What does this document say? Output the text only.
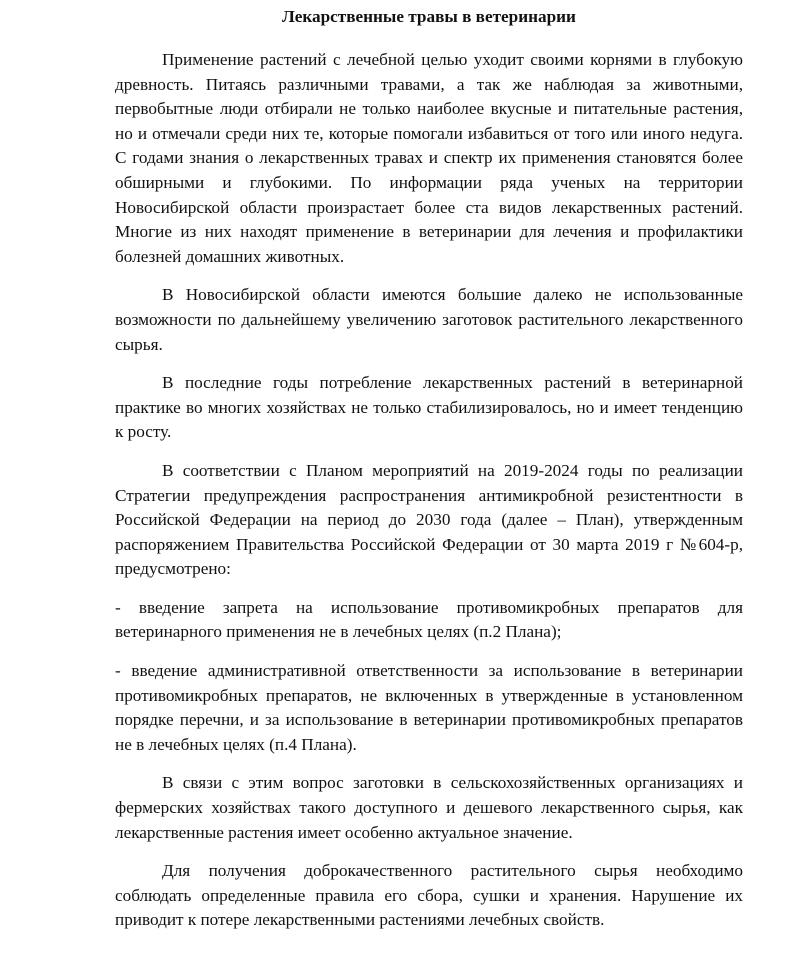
Лекарственные травы в ветеринарии

Применение растений с лечебной целью уходит своими корнями в глубокую древность. Питаясь различными травами, а так же наблюдая за животными, первобытные люди отбирали не только наиболее вкусные и питательные растения, но и отмечали среди них те, которые помогали избавиться от того или иного недуга. С годами знания о лекарственных травах и спектр их применения становятся более обширными и глубокими. По информации ряда ученых на территории Новосибирской области произрастает более ста видов лекарственных растений. Многие из них находят применение в ветеринарии для лечения и профилактики болезней домашних животных.

В Новосибирской области имеются большие далеко не использованные возможности по дальнейшему увеличению заготовок растительного лекарственного сырья.

В последние годы потребление лекарственных растений в ветеринарной практике во многих хозяйствах не только стабилизировалось, но и имеет тенденцию к росту.

В соответствии с Планом мероприятий на 2019-2024 годы по реализации Стратегии предупреждения распространения антимикробной резистентности в Российской Федерации на период до 2030 года (далее – План), утвержденным распоряжением Правительства Российской Федерации от 30 марта 2019 г №604-р, предусмотрено:

- введение запрета на использование противомикробных препаратов для ветеринарного применения не в лечебных целях (п.2 Плана);

- введение административной ответственности за использование в ветеринарии противомикробных препаратов, не включенных в утвержденные в установленном порядке перечни, и за использование в ветеринарии противомикробных препаратов не в лечебных целях (п.4 Плана).

В связи с этим вопрос заготовки в сельскохозяйственных организациях и фермерских хозяйствах такого доступного и дешевого лекарственного сырья, как лекарственные растения имеет особенно актуальное значение.

Для получения доброкачественного растительного сырья необходимо соблюдать определенные правила его сбора, сушки и хранения. Нарушение их приводит к потере лекарственными растениями лечебных свойств.
